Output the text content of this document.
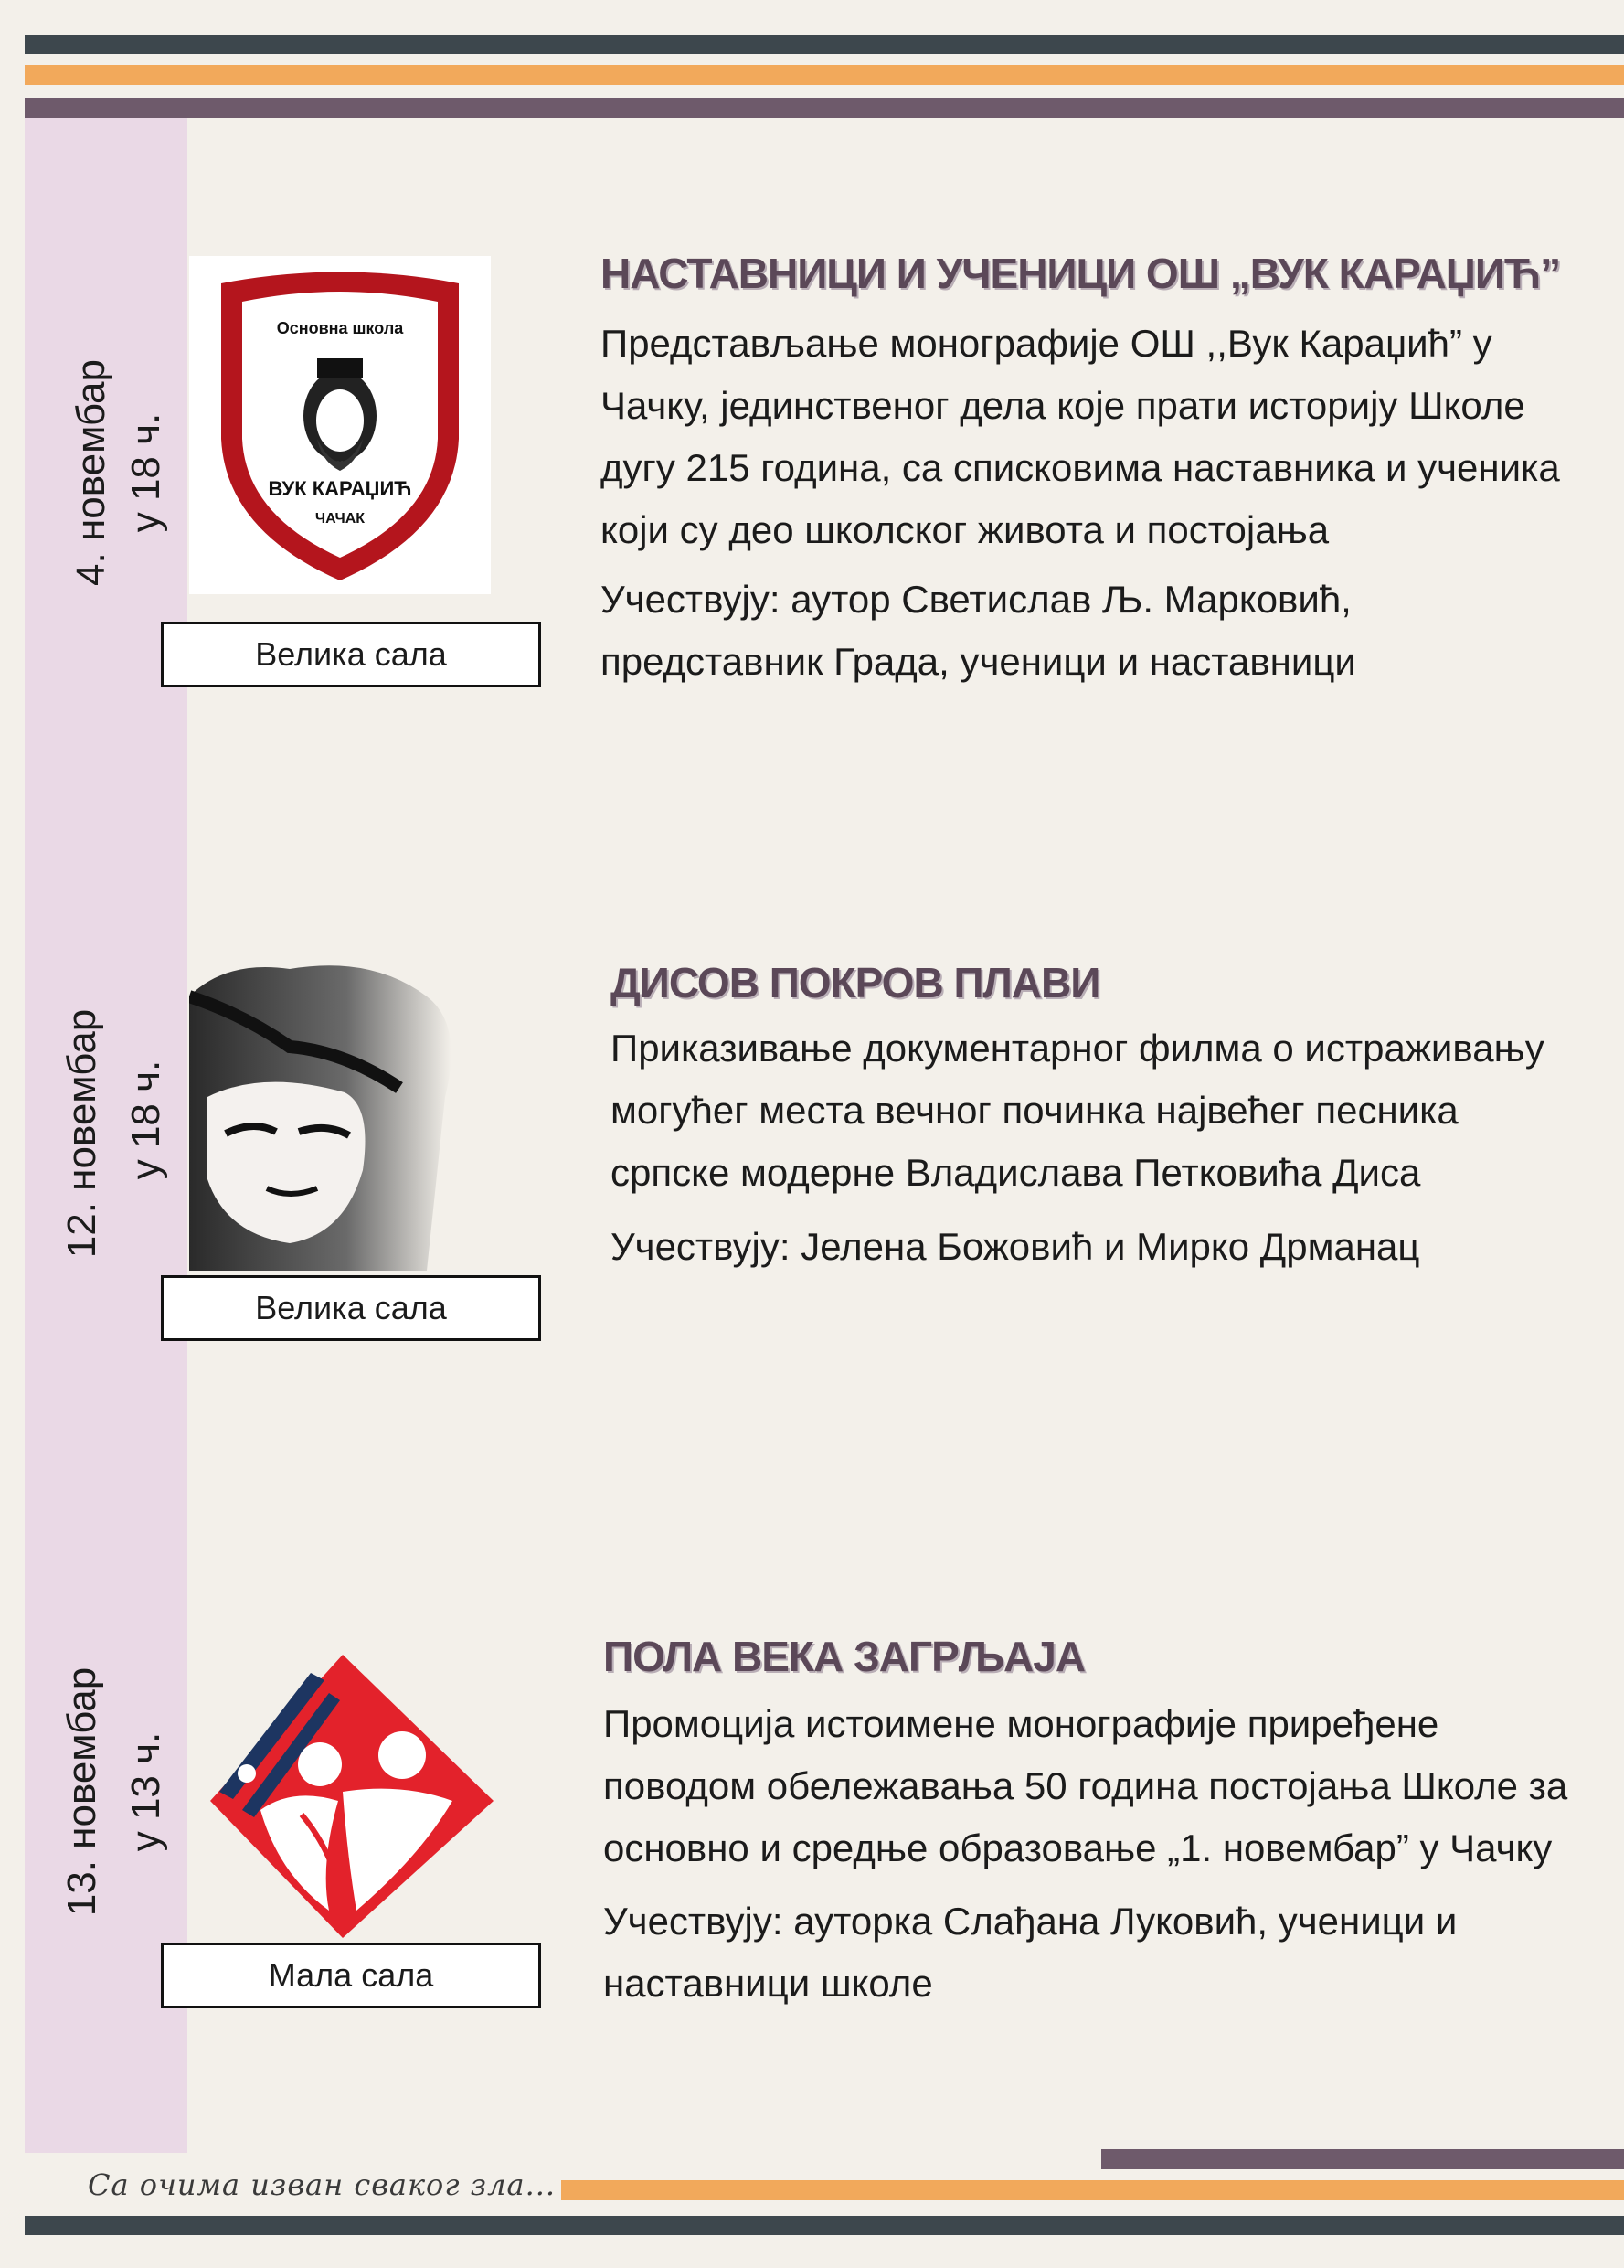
4. новембар у 18 ч.
Основна школа
ВУК КАРАЏИЋ
ЧАЧАК
Велика сала
НАСТАВНИЦИ И УЧЕНИЦИ ОШ „ВУК КАРАЏИЋ”

Представљање монографије ОШ ,,Вук Караџић” у Чачку, јединственог дела које прати историју Школе дугу 215 година, са списковима наставника и ученика који су део школског живота и постојања

Учествују: аутор Светислав Љ. Марковић, представник Града, ученици и наставници

12. новембар у 18 ч.
Велика сала
ДИСОВ ПОКРОВ ПЛАВИ

Приказивање документарног филма о истраживању могућег места вечног починка највећег песника српске модерне Владислава Петковића Диса

Учествују: Јелена Божовић и Мирко Дрманац

13. новембар у 13 ч.
Мала сала
ПОЛА ВЕКА ЗАГРЉАЈА

Промоција истоимене монографије приређене поводом обележавања 50 година постојања Школе за основно и средње образовање „1. новембар” у Чачку

Учествују: ауторка Слађана Луковић, ученици и наставници школе

Са очима изван сваког зла...
